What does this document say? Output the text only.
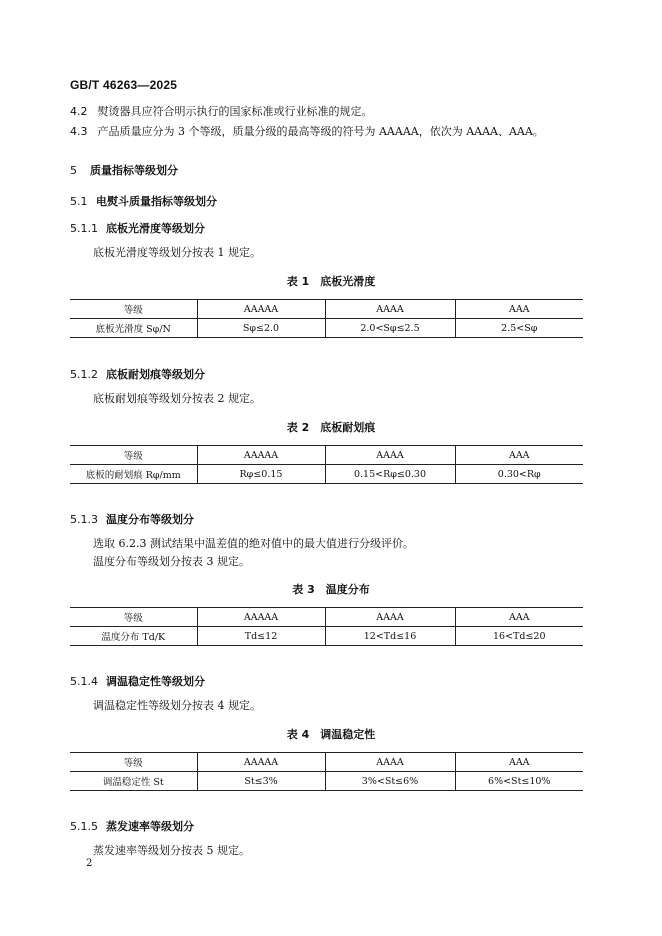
GB/T 46263—2025
4.2 熨烫器具应符合明示执行的国家标准或行业标准的规定。
4.3 产品质量应分为 3 个等级，质量分级的最高等级的符号为 AAAAA，依次为 AAAA、AAA。
5 质量指标等级划分
5.1 电熨斗质量指标等级划分
5.1.1 底板光滑度等级划分
底板光滑度等级划分按表 1 规定。
表 1　底板光滑度
等级	AAAAA	AAAA	AAA
底板光滑度 Sφ/N	Sφ≤2.0	2.0<Sφ≤2.5	2.5<Sφ
5.1.2 底板耐划痕等级划分
底板耐划痕等级划分按表 2 规定。
表 2　底板耐划痕
等级	AAAAA	AAAA	AAA
底板的耐划痕 Rφ/mm	Rφ≤0.15	0.15<Rφ≤0.30	0.30<Rφ
5.1.3 温度分布等级划分
选取 6.2.3 测试结果中温差值的绝对值中的最大值进行分级评价。
温度分布等级划分按表 3 规定。
表 3　温度分布
等级	AAAAA	AAAA	AAA
温度分布 Td/K	Td≤12	12<Td≤16	16<Td≤20
5.1.4 调温稳定性等级划分
调温稳定性等级划分按表 4 规定。
表 4　调温稳定性
等级	AAAAA	AAAA	AAA
调温稳定性 St	St≤3%	3%<St≤6%	6%<St≤10%
5.1.5 蒸发速率等级划分
蒸发速率等级划分按表 5 规定。
2
